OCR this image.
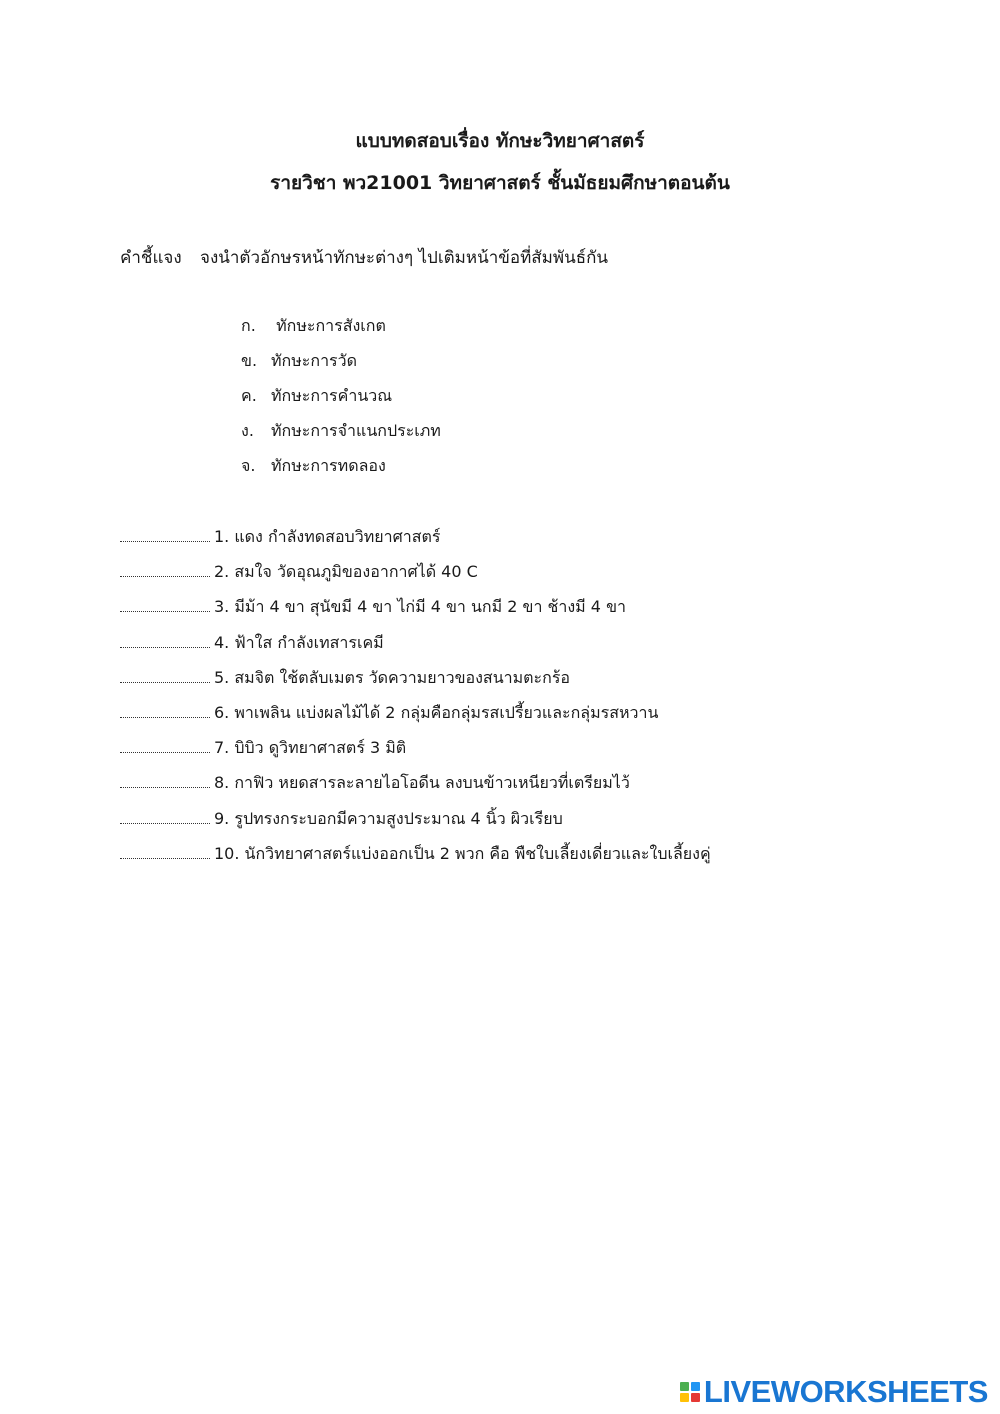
แบบทดสอบเรื่อง ทักษะวิทยาศาสตร์
รายวิชา พว21001 วิทยาศาสตร์ ชั้นมัธยมศึกษาตอนต้น
คำชี้แจง จงนำตัวอักษรหน้าทักษะต่างๆ ไปเติมหน้าข้อที่สัมพันธ์กัน
ก. ทักษะการสังเกต
ข. ทักษะการวัด
ค. ทักษะการคำนวณ
ง. ทักษะการจำแนกประเภท
จ. ทักษะการทดลอง
1. แดง กำลังทดสอบวิทยาศาสตร์
2. สมใจ วัดอุณภูมิของอากาศได้ 40 C
3. มีม้า 4 ขา สุนัขมี 4 ขา ไก่มี 4 ขา นกมี 2 ขา ช้างมี 4 ขา
4. ฟ้าใส กำลังเทสารเคมี
5. สมจิต ใช้ตลับเมตร วัดความยาวของสนามตะกร้อ
6. พาเพลิน แบ่งผลไม้ได้ 2 กลุ่มคือกลุ่มรสเปรี้ยวและกลุ่มรสหวาน
7. บิบิว ดูวิทยาศาสตร์ 3 มิติ
8. กาฟิว หยดสารละลายไอโอดีน ลงบนข้าวเหนียวที่เตรียมไว้
9. รูปทรงกระบอกมีความสูงประมาณ 4 นิ้ว ผิวเรียบ
10. นักวิทยาศาสตร์แบ่งออกเป็น 2 พวก คือ พืชใบเลี้ยงเดี่ยวและใบเลี้ยงคู่
LIVEWORKSHEETS
